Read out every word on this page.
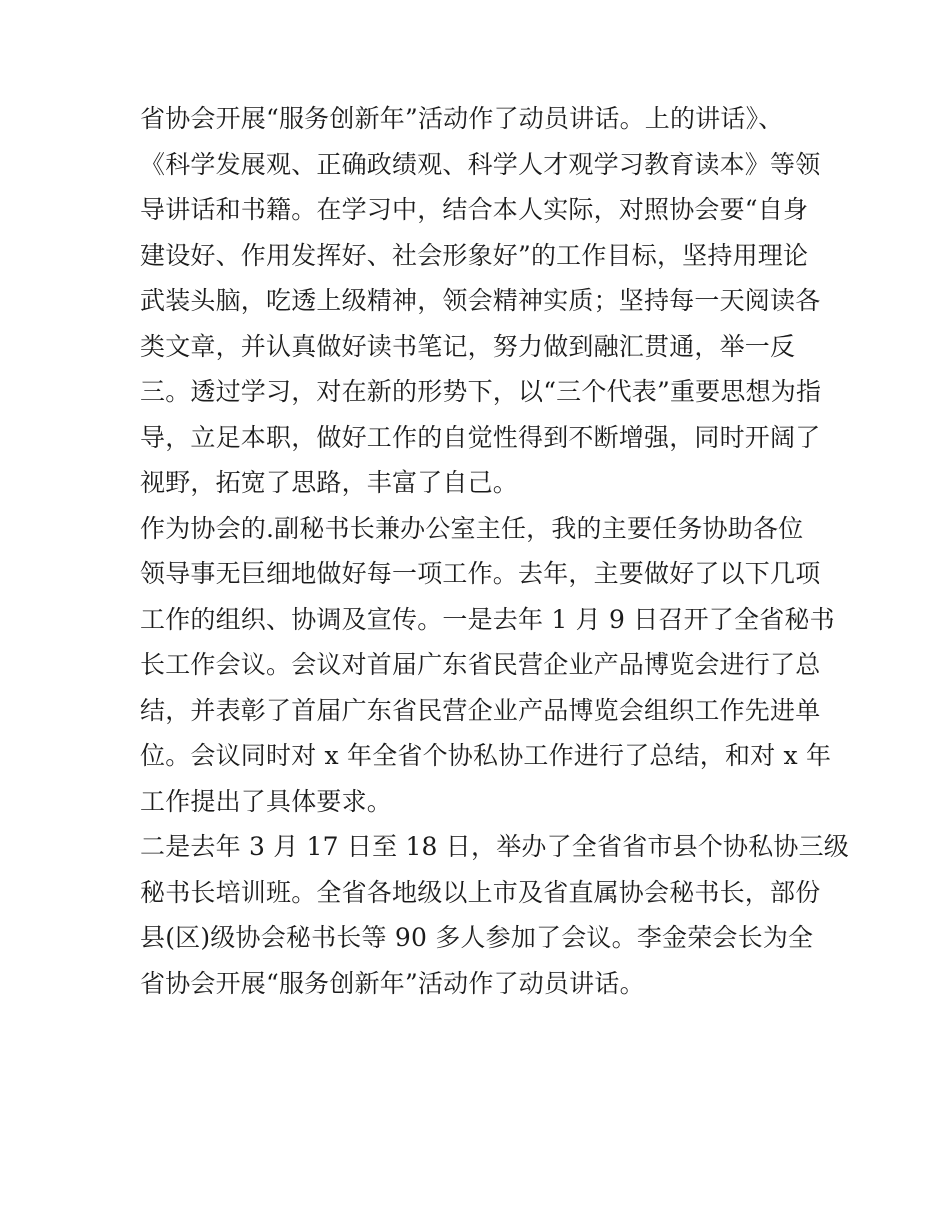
省协会开展“服务创新年”活动作了动员讲话。上的讲话》、
《科学发展观、正确政绩观、科学人才观学习教育读本》等领
导讲话和书籍。在学习中，结合本人实际，对照协会要“自身
建设好、作用发挥好、社会形象好”的工作目标，坚持用理论
武装头脑，吃透上级精神，领会精神实质；坚持每一天阅读各
类文章，并认真做好读书笔记，努力做到融汇贯通，举一反
三。透过学习，对在新的形势下，以“三个代表”重要思想为指
导，立足本职，做好工作的自觉性得到不断增强，同时开阔了
视野，拓宽了思路，丰富了自己。
作为协会的.副秘书长兼办公室主任，我的主要任务协助各位
领导事无巨细地做好每一项工作。去年，主要做好了以下几项
工作的组织、协调及宣传。一是去年 1 月 9 日召开了全省秘书
长工作会议。会议对首届广东省民营企业产品博览会进行了总
结，并表彰了首届广东省民营企业产品博览会组织工作先进单
位。会议同时对 x 年全省个协私协工作进行了总结，和对 x 年
工作提出了具体要求。
二是去年 3 月 17 日至 18 日，举办了全省省市县个协私协三级
秘书长培训班。全省各地级以上市及省直属协会秘书长，部份
县(区)级协会秘书长等 90 多人参加了会议。李金荣会长为全
省协会开展“服务创新年”活动作了动员讲话。
